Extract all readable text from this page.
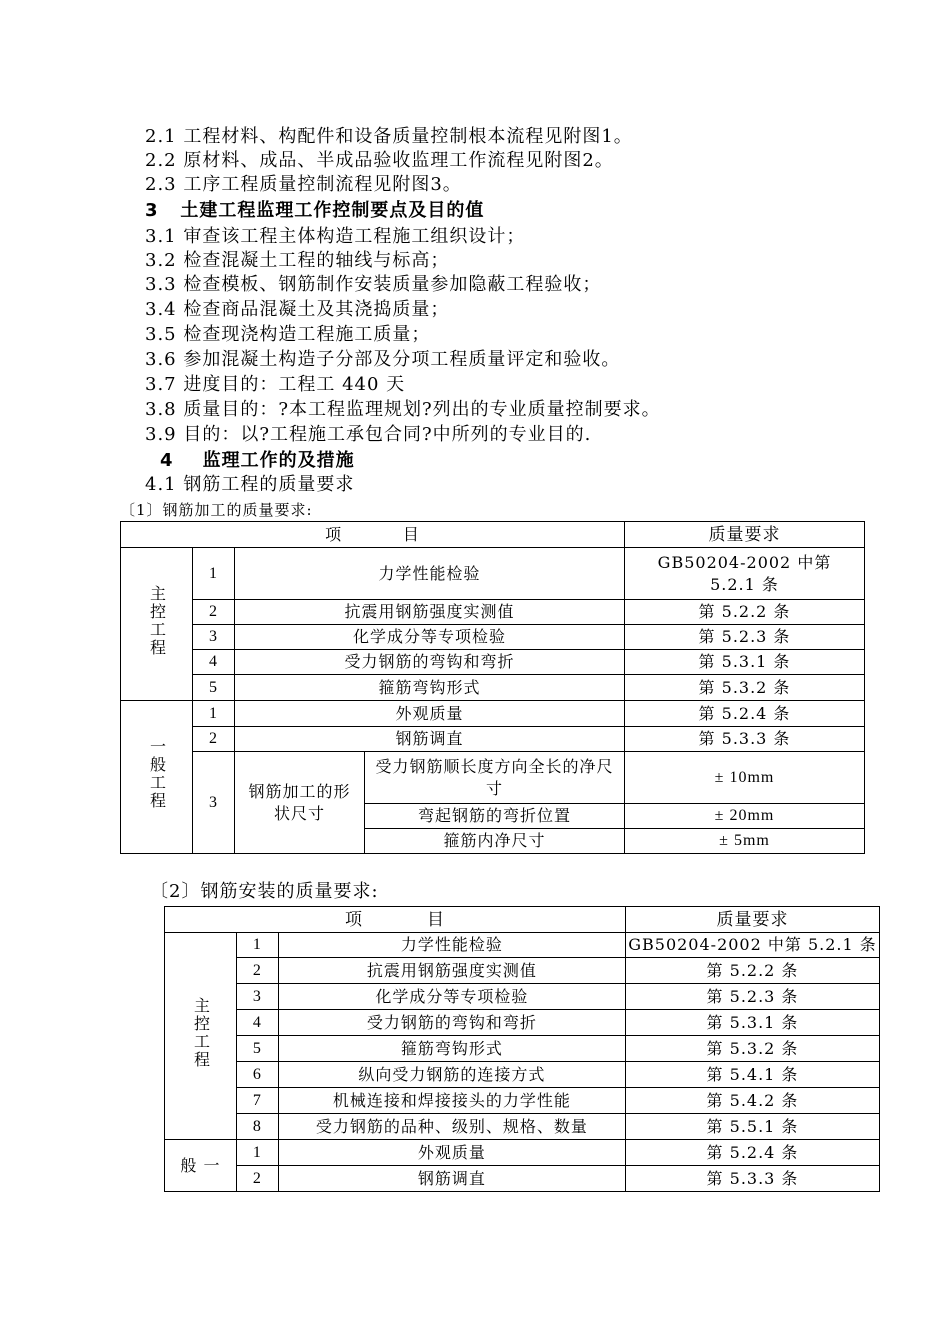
2.1 工程材料、构配件和设备质量控制根本流程见附图1。
2.2 原材料、成品、半成品验收监理工作流程见附图2。
2.3 工序工程质量控制流程见附图3。
3   土建工程监理工作控制要点及目的值
3.1 审查该工程主体构造工程施工组织设计；
3.2 检查混凝土工程的轴线与标高；
3.3 检查模板、钢筋制作安装质量参加隐蔽工程验收；
3.4 检查商品混凝土及其浇捣质量；
3.5 检查现浇构造工程施工质量；
3.6 参加混凝土构造子分部及分项工程质量评定和验收。
3.7 进度目的：工程工 440 天
3.8 质量目的：?本工程监理规划?列出的专业质量控制要求。
3.9 目的：以?工程施工承包合同?中所列的专业目的.
4    监理工作的及措施
4.1 钢筋工程的质量要求
〔1〕钢筋加工的质量要求:
项          目				质量要求
主控工程	1	力学性能检验		GB50204-2002 中第 5.2.1 条
	2	抗震用钢筋强度实测值		第 5.2.2 条
	3	化学成分等专项检验		第 5.2.3 条
	4	受力钢筋的弯钩和弯折		第 5.3.1 条
	5	箍筋弯钩形式		第 5.3.2 条
一般工程	1	外观质量		第 5.2.4 条
	2	钢筋调直		第 5.3.3 条
	3	钢筋加工的形状尺寸	受力钢筋顺长度方向全长的净尺寸	± 10mm
			弯起钢筋的弯折位置	± 20mm
			箍筋内净尺寸	± 5mm
〔2〕钢筋安装的质量要求:
项          目			质量要求
主控工程	1	力学性能检验	GB50204-2002 中第 5.2.1 条
	2	抗震用钢筋强度实测值	第 5.2.2 条
	3	化学成分等专项检验	第 5.2.3 条
	4	受力钢筋的弯钩和弯折	第 5.3.1 条
	5	箍筋弯钩形式	第 5.3.2 条
	6	纵向受力钢筋的连接方式	第 5.4.1 条
	7	机械连接和焊接接头的力学性能	第 5.4.2 条
	8	受力钢筋的品种、级别、规格、数量	第 5.5.1 条
般 一	1	外观质量	第 5.2.4 条
	2	钢筋调直	第 5.3.3 条
